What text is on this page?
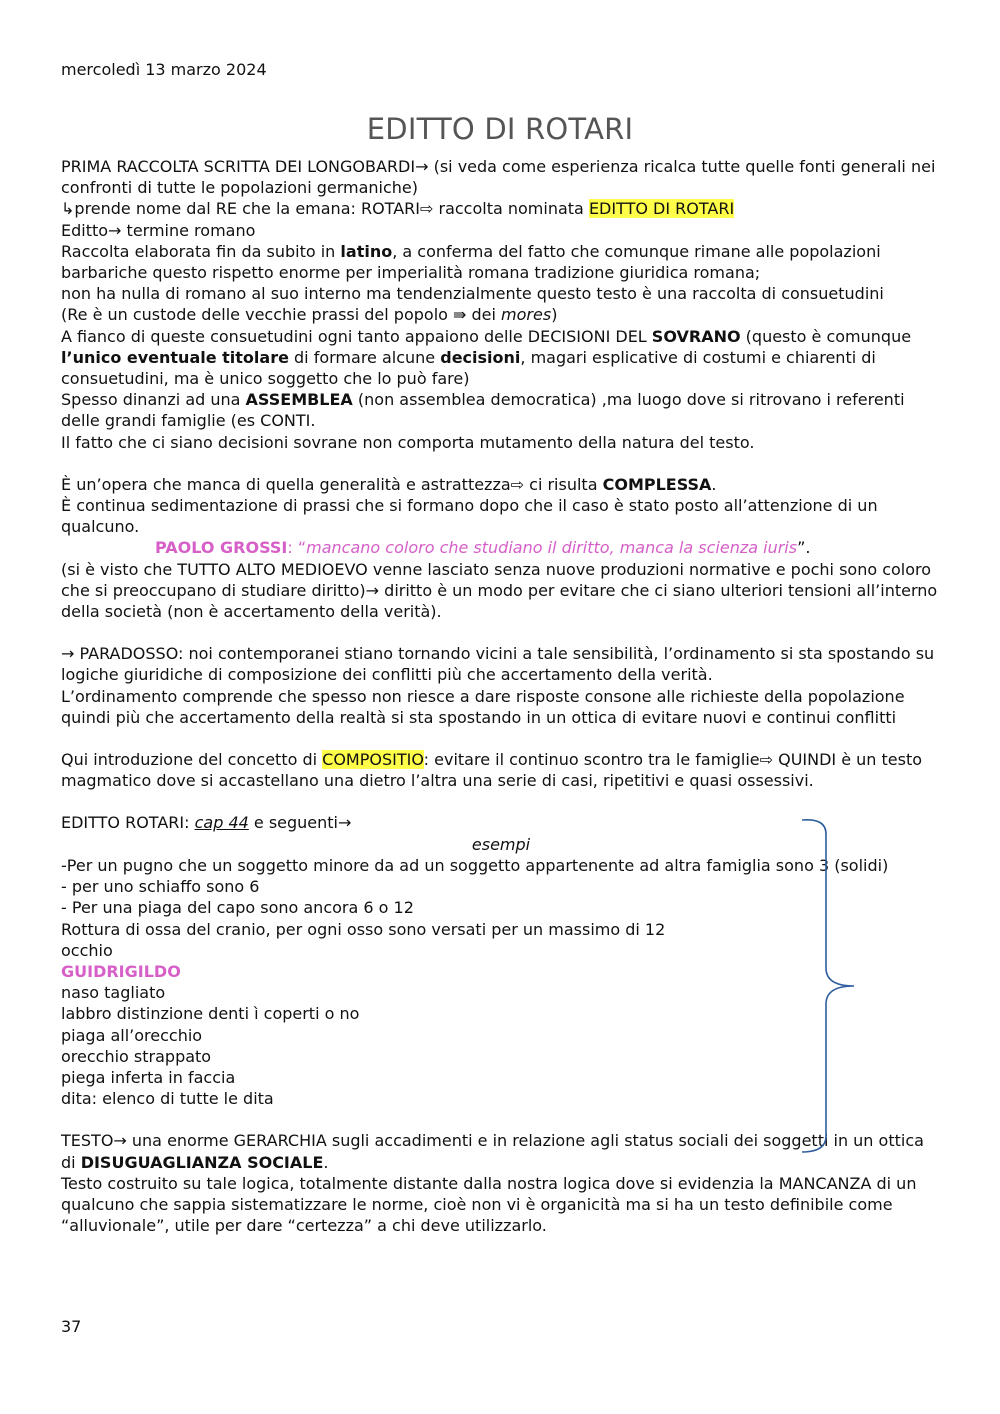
mercoledì 13 marzo 2024
EDITTO DI ROTARI

PRIMA RACCOLTA SCRITTA DEI LONGOBARDI→ (si veda come esperienza ricalca tutte quelle fonti generali nei confronti di tutte le popolazioni germaniche)

↳prende nome dal RE che la emana: ROTARI⇨ raccolta nominata EDITTO DI ROTARI

Editto→ termine romano

Raccolta elaborata fin da subito in latino, a conferma del fatto che comunque rimane alle popolazioni barbariche questo rispetto enorme per imperialità romana tradizione giuridica romana;

non ha nulla di romano al suo interno ma tendenzialmente questo testo è una raccolta di consuetudini

(Re è un custode delle vecchie prassi del popolo ⇛ dei mores)

A fianco di queste consuetudini ogni tanto appaiono delle DECISIONI DEL SOVRANO (questo è comunque l’unico eventuale titolare di formare alcune decisioni, magari esplicative di costumi e chiarenti di consuetudini, ma è unico soggetto che lo può fare)

Spesso dinanzi ad una ASSEMBLEA (non assemblea democratica) ,ma luogo dove si ritrovano i referenti delle grandi famiglie (es CONTI.

Il fatto che ci siano decisioni sovrane non comporta mutamento della natura del testo.

È un’opera che manca di quella generalità e astrattezza⇨ ci risulta COMPLESSA.

È continua sedimentazione di prassi che si formano dopo che il caso è stato posto all’attenzione di un qualcuno.

PAOLO GROSSI: “mancano coloro che studiano il diritto, manca la scienza iuris”.

(si è visto che TUTTO ALTO MEDIOEVO venne lasciato senza nuove produzioni normative e pochi sono coloro che si preoccupano di studiare diritto)→ diritto è un modo per evitare che ci siano ulteriori tensioni all’interno della società (non è accertamento della verità).

→ PARADOSSO: noi contemporanei stiano tornando vicini a tale sensibilità, l’ordinamento si sta spostando su logiche giuridiche di composizione dei conflitti più che accertamento della verità.

L’ordinamento comprende che spesso non riesce a dare risposte consone alle richieste della popolazione quindi più che accertamento della realtà si sta spostando in un ottica di evitare nuovi e continui conflitti

Qui introduzione del concetto di COMPOSITIO: evitare il continuo scontro tra le famiglie⇨ QUINDI è un testo magmatico dove si accastellano una dietro l’altra una serie di casi, ripetitivi e quasi ossessivi.

EDITTO ROTARI: cap 44 e seguenti→

esempi

-Per un pugno che un soggetto minore da ad un soggetto appartenente ad altra famiglia sono 3 (solidi)

- per uno schiaffo sono 6

- Per una piaga del capo sono ancora 6 o 12

Rottura di ossa del cranio, per ogni osso sono versati per un massimo di 12

occhio

GUIDRIGILDO

naso tagliato

labbro distinzione denti ì coperti o no

piaga all’orecchio

orecchio strappato

piega inferta in faccia

dita: elenco di tutte le dita

TESTO→ una enorme GERARCHIA sugli accadimenti e in relazione agli status sociali dei soggetti in un ottica di DISUGUAGLIANZA SOCIALE.

Testo costruito su tale logica, totalmente distante dalla nostra logica dove si evidenzia la MANCANZA di un qualcuno che sappia sistematizzare le norme, cioè non vi è organicità ma si ha un testo definibile come “alluvionale”, utile per dare “certezza” a chi deve utilizzarlo.

37
